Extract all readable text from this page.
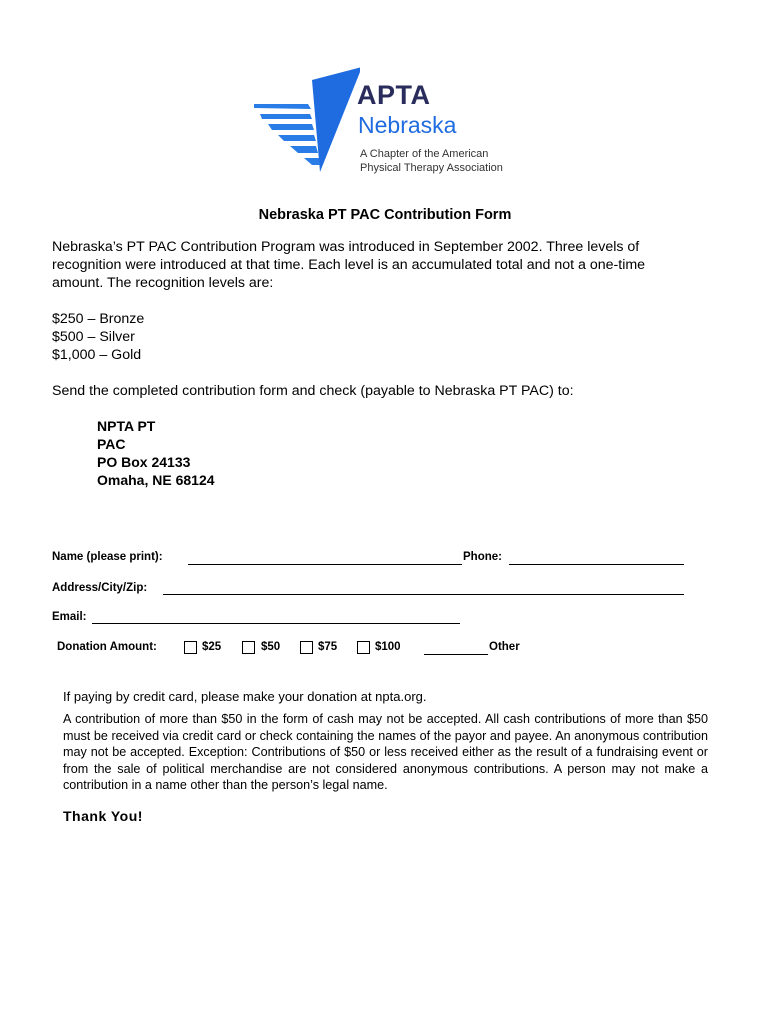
APTA
Nebraska
A Chapter of the American
Physical Therapy Association
Nebraska PT PAC Contribution Form
Nebraska’s PT PAC Contribution Program was introduced in September 2002. Three levels of recognition were introduced at that time. Each level is an accumulated total and not a one-time amount. The recognition levels are:
$250 – Bronze
$500 – Silver
$1,000 – Gold
Send the completed contribution form and check (payable to Nebraska PT PAC) to:
NPTA PT
PAC
PO Box 24133
Omaha, NE 68124
Name (please print):	Phone:
Address/City/Zip:
Email:
Donation Amount:	$25	$50	$75	$100	Other
If paying by credit card, please make your donation at npta.org.
A contribution of more than $50 in the form of cash may not be accepted. All cash contributions of more than $50 must be received via credit card or check containing the names of the payor and payee. An anonymous contribution may not be accepted. Exception: Contributions of $50 or less received either as the result of a fundraising event or from the sale of political merchandise are not considered anonymous contributions. A person may not make a contribution in a name other than the person’s legal name.
Thank You!
